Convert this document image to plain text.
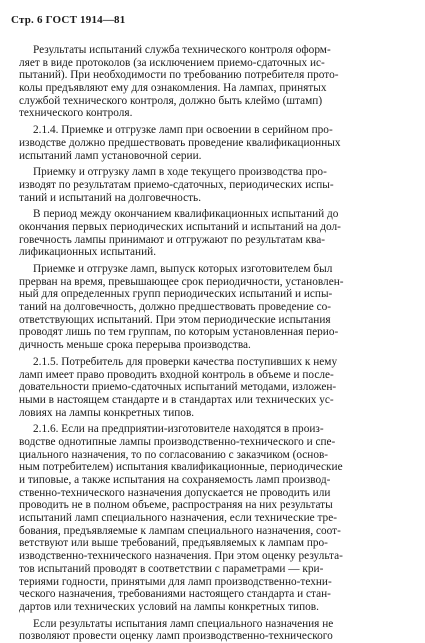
Стр. 6 ГОСТ 1914—81
Результаты испытаний служба технического контроля оформ-
ляет в виде протоколов (за исключением приемо-сдаточных ис-
пытаний). При необходимости по требованию потребителя прото-
колы предъявляют ему для ознакомления. На лампах, принятых
службой технического контроля, должно быть клеймо (штамп)
технического контроля.
2.1.4. Приемке и отгрузке ламп при освоении в серийном про-
изводстве должно предшествовать проведение квалификационных
испытаний ламп установочной серии.
Приемку и отгрузку ламп в ходе текущего производства про-
изводят по результатам приемо-сдаточных, периодических испы-
таний и испытаний на долговечность.
В период между окончанием квалификационных испытаний до
окончания первых периодических испытаний и испытаний на дол-
говечность лампы принимают и отгружают по результатам ква-
лификационных испытаний.
Приемке и отгрузке ламп, выпуск которых изготовителем был
прерван на время, превышающее срок периодичности, установлен-
ный для определенных групп периодических испытаний и испы-
таний на долговечность, должно предшествовать проведение со-
ответствующих испытаний. При этом периодические испытания
проводят лишь по тем группам, по которым установленная перио-
дичность меньше срока перерыва производства.
2.1.5. Потребитель для проверки качества поступивших к нему
ламп имеет право проводить входной контроль в объеме и после-
довательности приемо-сдаточных испытаний методами, изложен-
ными в настоящем стандарте и в стандартах или технических ус-
ловиях на лампы конкретных типов.
2.1.6. Если на предприятии-изготовителе находятся в произ-
водстве однотипные лампы производственно-технического и спе-
циального назначения, то по согласованию с заказчиком (основ-
ным потребителем) испытания квалификационные, периодические
и типовые, а также испытания на сохраняемость ламп производ-
ственно-технического назначения допускается не проводить или
проводить не в полном объеме, распространяя на них результаты
испытаний ламп специального назначения, если технические тре-
бования, предъявляемые к лампам специального назначения, соот-
ветствуют или выше требований, предъявляемых к лампам про-
изводственно-технического назначения. При этом оценку результа-
тов испытаний проводят в соответствии с параметрами — кри-
териями годности, принятыми для ламп производственно-техни-
ческого назначения, требованиями настоящего стандарта и стан-
дартов или технических условий на лампы конкретных типов.
Если результаты испытания ламп специального назначения не
позволяют провести оценку ламп производственно-технического
